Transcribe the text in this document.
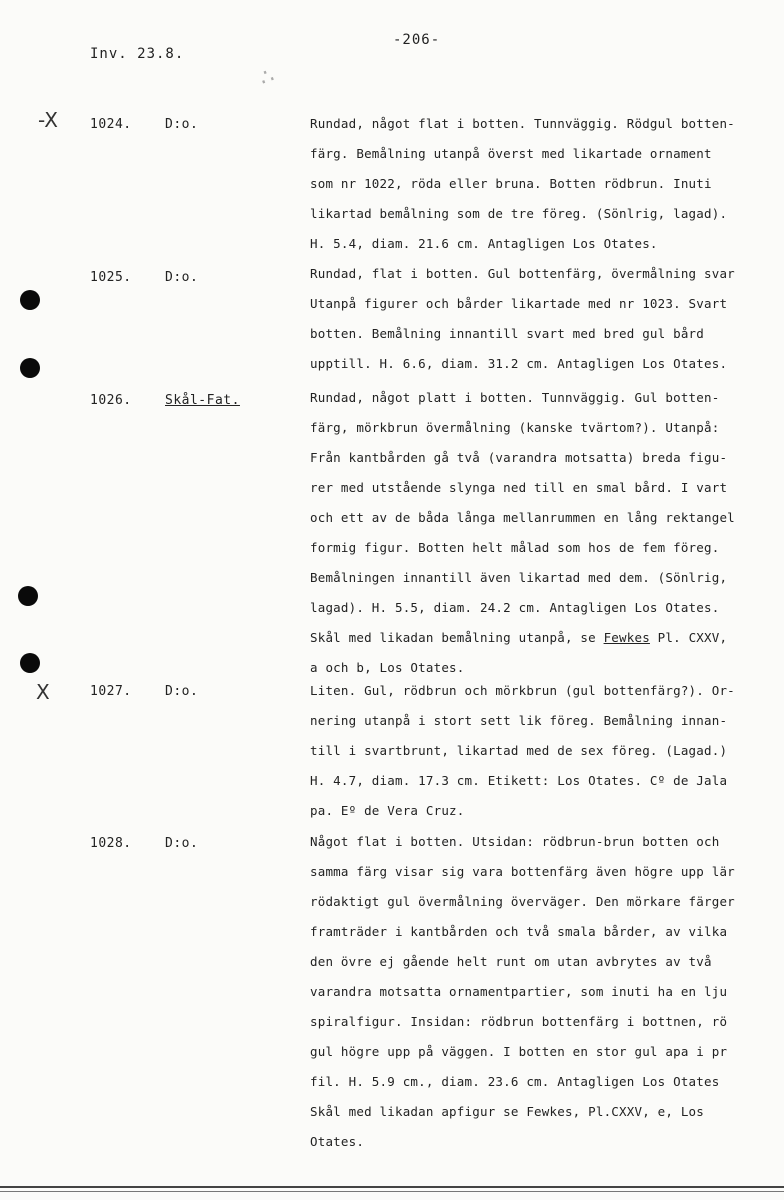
∴
-206-
Inv. 23.8.
-X
X
1024.	D:o.	Rundad, något flat i botten. Tunnväggig. Rödgul botten-

färg. Bemålning utanpå överst med likartade ornament

som nr 1022, röda eller bruna. Botten rödbrun. Inuti

likartad bemålning som de tre föreg. (Sönlrig, lagad).

H. 5.4, diam. 21.6 cm. Antagligen Los Otates.

1025.	D:o.	Rundad, flat i botten. Gul bottenfärg, övermålning svar

Utanpå figurer och bårder likartade med nr 1023. Svart

botten. Bemålning innantill svart med bred gul bård

upptill. H. 6.6, diam. 31.2 cm. Antagligen Los Otates.

1026.	Skål-Fat.	Rundad, något platt i botten. Tunnväggig. Gul botten-

färg, mörkbrun övermålning (kanske tvärtom?). Utanpå:

Från kantbården gå två (varandra motsatta) breda figu-

rer med utstående slynga ned till en smal bård. I vart

och ett av de båda långa mellanrummen en lång rektangel

formig figur. Botten helt målad som hos de fem föreg.

Bemålningen innantill även likartad med dem. (Sönlrig,

lagad). H. 5.5, diam. 24.2 cm. Antagligen Los Otates.

Skål med likadan bemålning utanpå, se Fewkes Pl. CXXV,

a och b, Los Otates.

1027.	D:o.	Liten. Gul, rödbrun och mörkbrun (gul bottenfärg?). Or-

nering utanpå i stort sett lik föreg. Bemålning innan-

till i svartbrunt, likartad med de sex föreg. (Lagad.)

H. 4.7, diam. 17.3 cm. Etikett: Los Otates. Cº de Jala

pa. Eº de Vera Cruz.

1028.	D:o.	Något flat i botten. Utsidan: rödbrun-brun botten och

samma färg visar sig vara bottenfärg även högre upp lär

rödaktigt gul övermålning överväger. Den mörkare färger

framträder i kantbården och två smala bårder, av vilka

den övre ej gående helt runt om utan avbrytes av två

varandra motsatta ornamentpartier, som inuti ha en lju

spiralfigur. Insidan: rödbrun bottenfärg i bottnen, rö

gul högre upp på väggen. I botten en stor gul apa i pr

fil. H. 5.9 cm., diam. 23.6 cm. Antagligen Los Otates

Skål med likadan apfigur se Fewkes, Pl.CXXV, e, Los

Otates.
